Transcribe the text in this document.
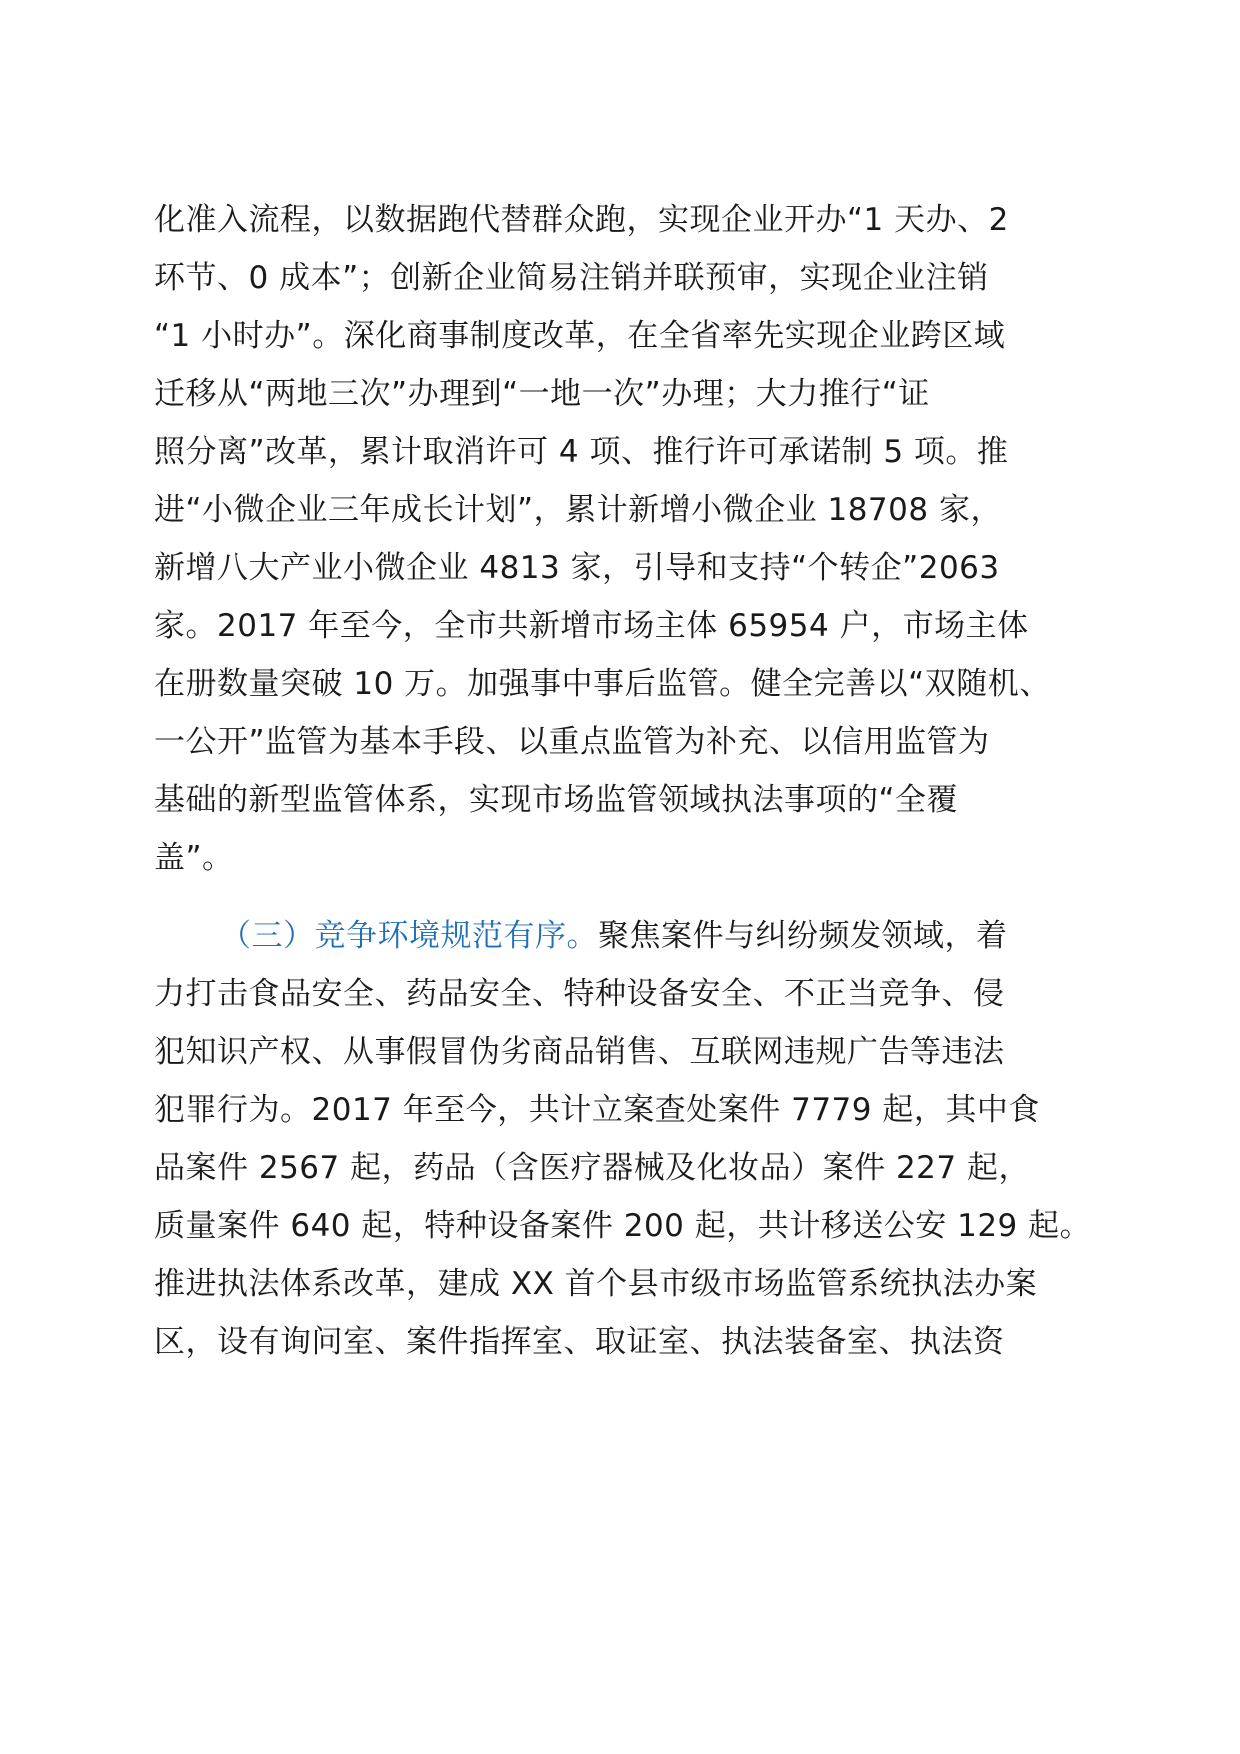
化准入流程，以数据跑代替群众跑，实现企业开办“1 天办、2
环节、0 成本”；创新企业简易注销并联预审，实现企业注销
“1 小时办”。深化商事制度改革，在全省率先实现企业跨区域
迁移从“两地三次”办理到“一地一次”办理；大力推行“证
照分离”改革，累计取消许可 4 项、推行许可承诺制 5 项。推
进“小微企业三年成长计划”，累计新增小微企业 18708 家，
新增八大产业小微企业 4813 家，引导和支持“个转企”2063
家。2017 年至今，全市共新增市场主体 65954 户，市场主体
在册数量突破 10 万。加强事中事后监管。健全完善以“双随机、
一公开”监管为基本手段、以重点监管为补充、以信用监管为
基础的新型监管体系，实现市场监管领域执法事项的“全覆
盖”。
（三）竞争环境规范有序。聚焦案件与纠纷频发领域，着
力打击食品安全、药品安全、特种设备安全、不正当竞争、侵
犯知识产权、从事假冒伪劣商品销售、互联网违规广告等违法
犯罪行为。2017 年至今，共计立案查处案件 7779 起，其中食
品案件 2567 起，药品（含医疗器械及化妆品）案件 227 起，
质量案件 640 起，特种设备案件 200 起，共计移送公安 129 起。
推进执法体系改革，建成 XX 首个县市级市场监管系统执法办案
区，设有询问室、案件指挥室、取证室、执法装备室、执法资
